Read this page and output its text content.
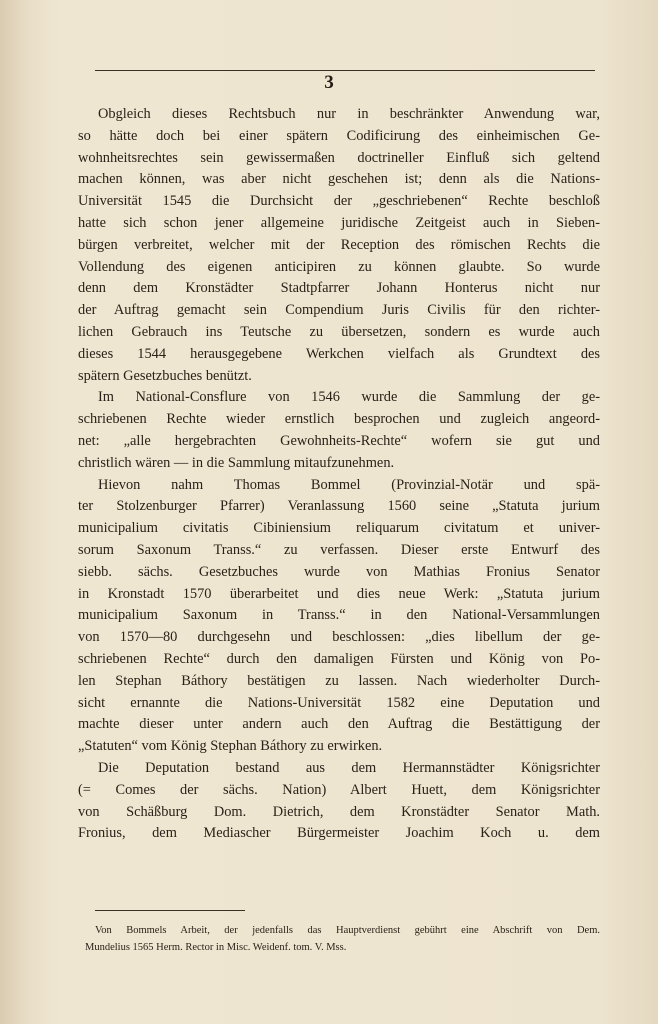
3
Obgleich dieses Rechtsbuch nur in beschränkter Anwendung war,
so hätte doch bei einer spätern Codificirung des einheimischen Ge-
wohnheitsrechtes sein gewissermaßen doctrineller Einfluß sich geltend
machen können, was aber nicht geschehen ist; denn als die Nations-
Universität 1545 die Durchsicht der „geschriebenen“ Rechte beschloß
hatte sich schon jener allgemeine juridische Zeitgeist auch in Sieben-
bürgen verbreitet, welcher mit der Reception des römischen Rechts die
Vollendung des eigenen anticipiren zu können glaubte. So wurde
denn dem Kronstädter Stadtpfarrer Johann Honterus nicht nur
der Auftrag gemacht sein Compendium Juris Civilis für den richter-
lichen Gebrauch ins Teutsche zu übersetzen, sondern es wurde auch
dieses 1544 herausgegebene Werkchen vielfach als Grundtext des
spätern Gesetzbuches benützt.
Im National-Consflure von 1546 wurde die Sammlung der ge-
schriebenen Rechte wieder ernstlich besprochen und zugleich angeord-
net: „alle hergebrachten Gewohnheits-Rechte“ wofern sie gut und
christlich wären — in die Sammlung mitaufzunehmen.
Hievon nahm Thomas Bommel (Provinzial-Notär und spä-
ter Stolzenburger Pfarrer) Veranlassung 1560 seine „Statuta jurium
municipalium civitatis Cibiniensium reliquarum civitatum et univer-
sorum Saxonum Transs.“ zu verfassen. Dieser erste Entwurf des
siebb. sächs. Gesetzbuches wurde von Mathias Fronius Senator
in Kronstadt 1570 überarbeitet und dies neue Werk: „Statuta jurium
municipalium Saxonum in Transs.“ in den National-Versammlungen
von 1570—80 durchgesehn und beschlossen: „dies libellum der ge-
schriebenen Rechte“ durch den damaligen Fürsten und König von Po-
len Stephan Báthory bestätigen zu lassen. Nach wiederholter Durch-
sicht ernannte die Nations-Universität 1582 eine Deputation und
machte dieser unter andern auch den Auftrag die Bestättigung der
„Statuten“ vom König Stephan Báthory zu erwirken.
Die Deputation bestand aus dem Hermannstädter Königsrichter
(= Comes der sächs. Nation) Albert Huett, dem Königsrichter
von Schäßburg Dom. Dietrich, dem Kronstädter Senator Math.
Fronius, dem Mediascher Bürgermeister Joachim Koch u. dem
Von Bommels Arbeit, der jedenfalls das Hauptverdienst gebührt eine Abschrift von Dem.
Mundelius 1565 Herm. Rector in Misc. Weidenf. tom. V. Mss.
